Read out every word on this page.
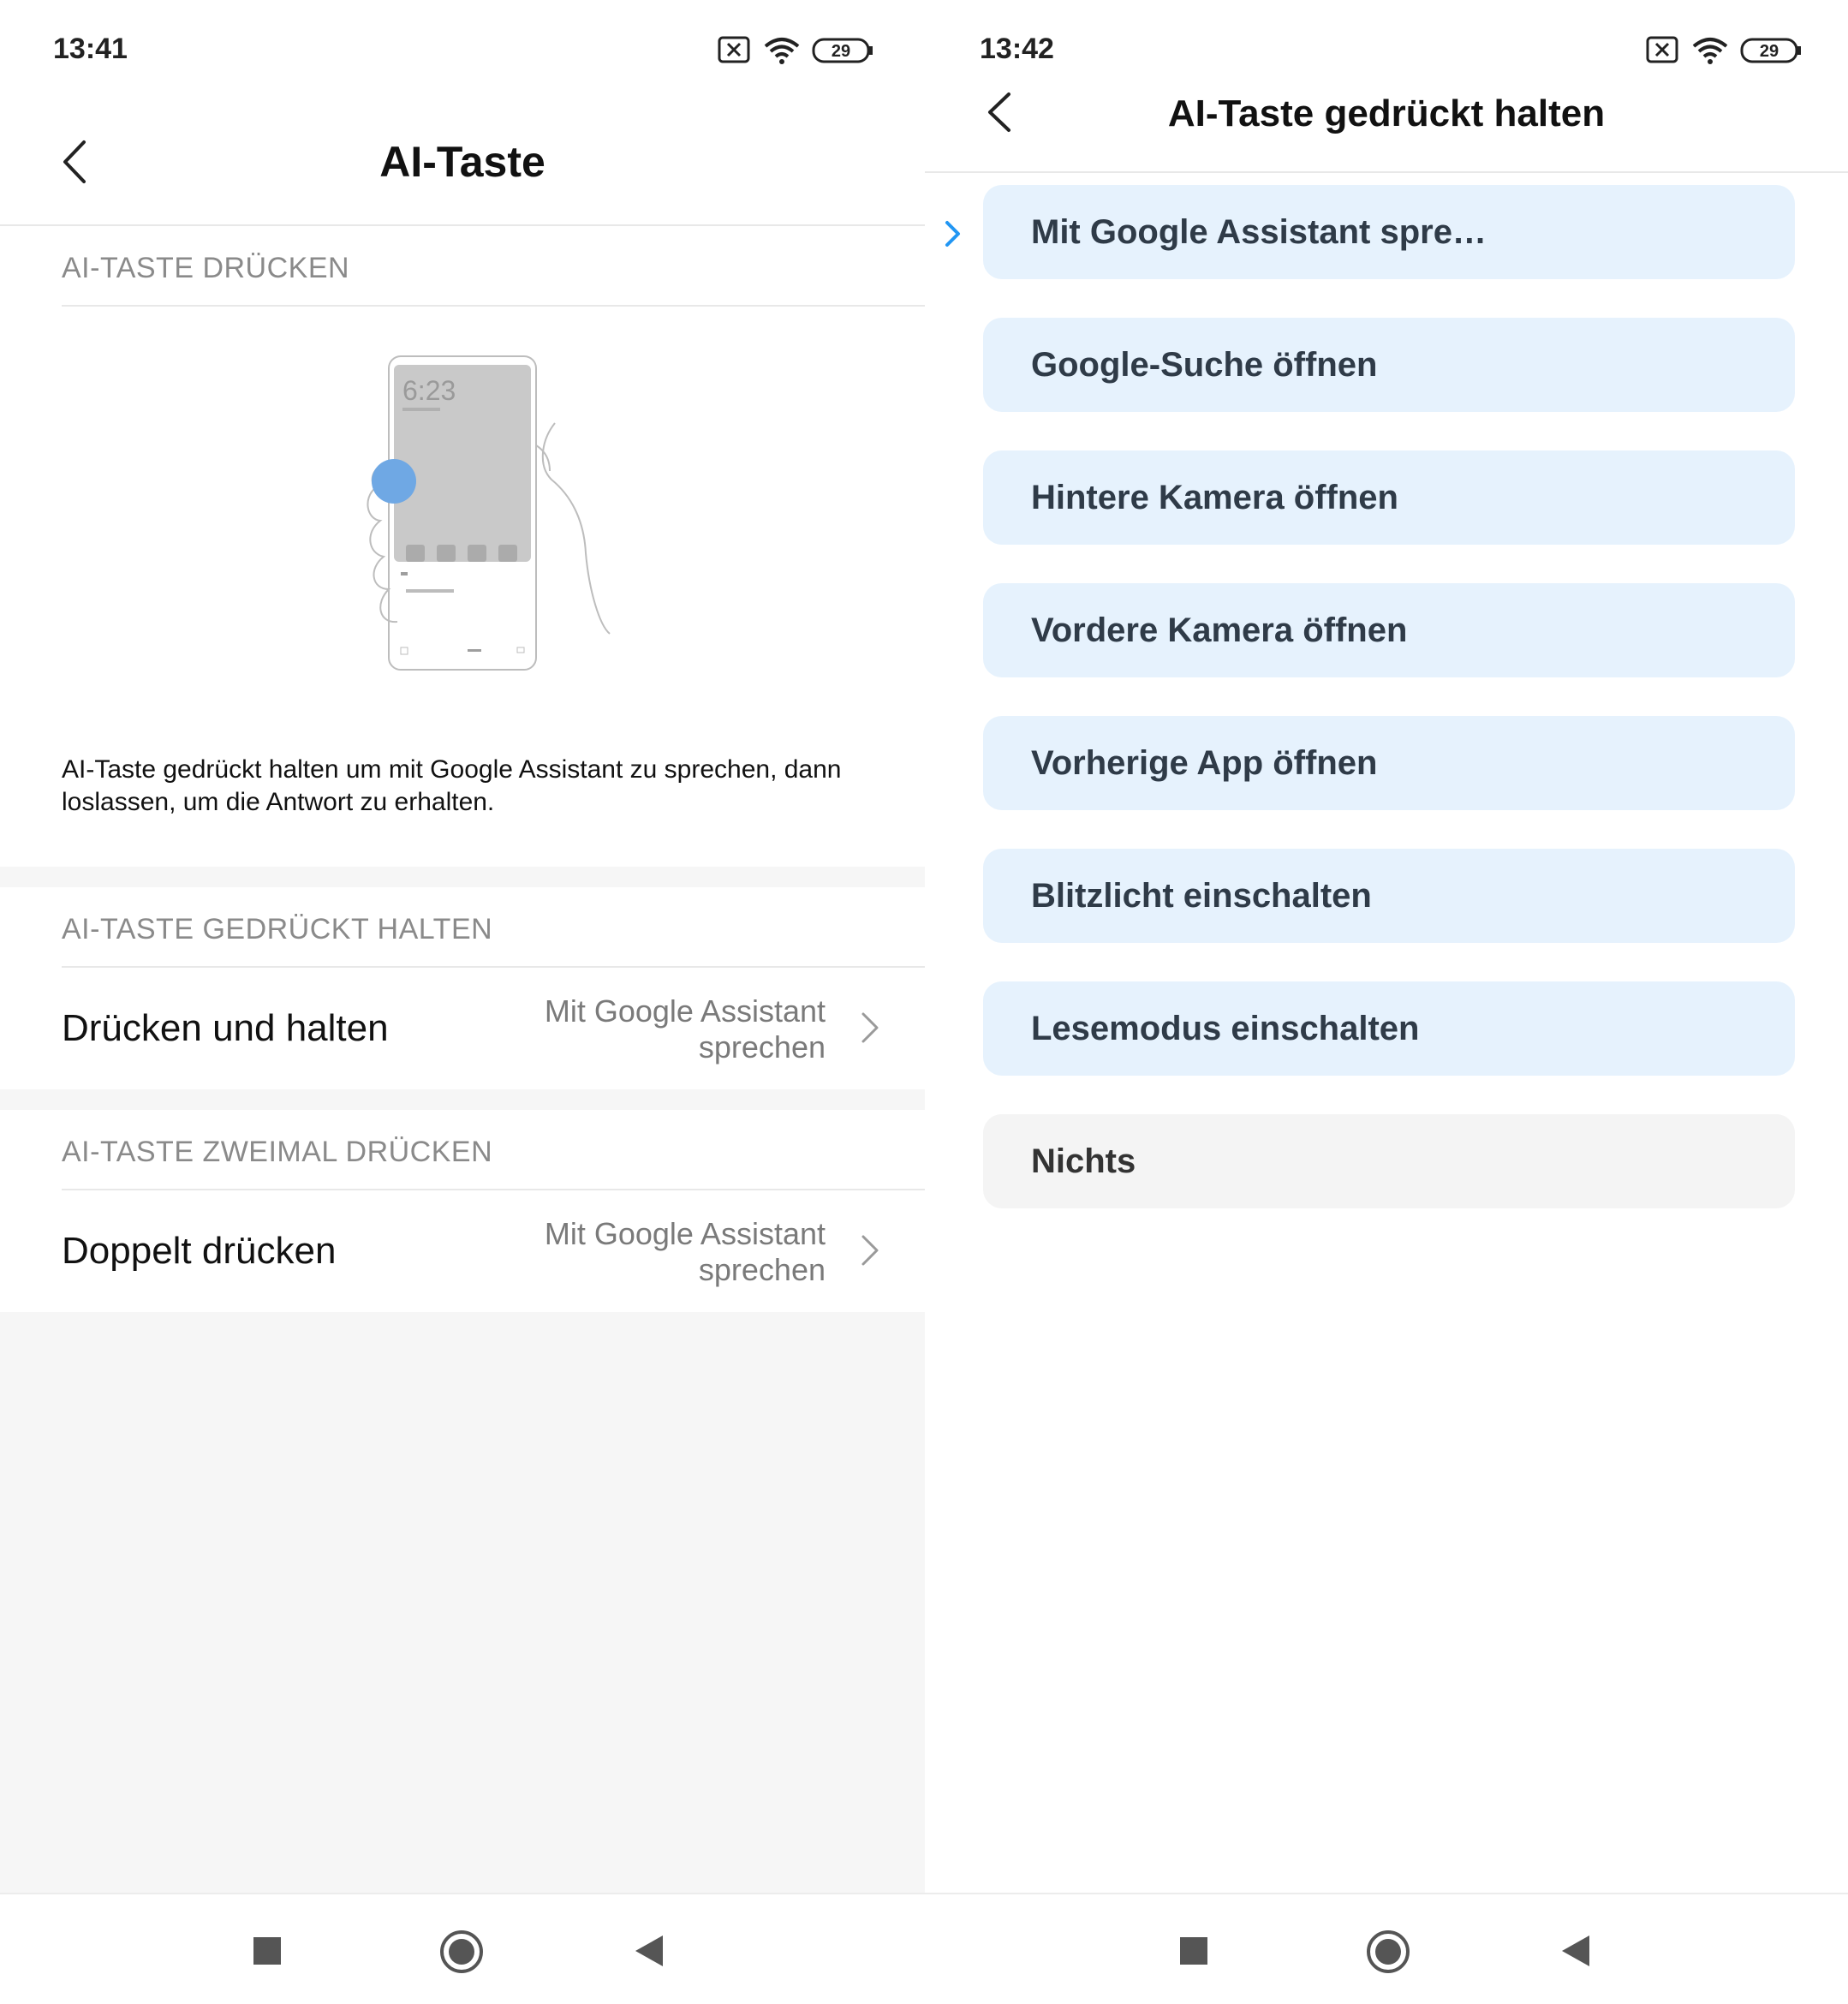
13:41	29
AI-Taste
AI-TASTE DRÜCKEN
6:23
AI-Taste gedrückt halten um mit Google Assistant zu sprechen, dann loslassen, um die Antwort zu erhalten.
AI-TASTE GEDRÜCKT HALTEN
Drücken und halten	Mit Google Assistant sprechen
AI-TASTE ZWEIMAL DRÜCKEN
Doppelt drücken	Mit Google Assistant sprechen
13:42	29
AI-Taste gedrückt halten
Mit Google Assistant spre…
Google-Suche öffnen
Hintere Kamera öffnen
Vordere Kamera öffnen
Vorherige App öffnen
Blitzlicht einschalten
Lesemodus einschalten
Nichts
